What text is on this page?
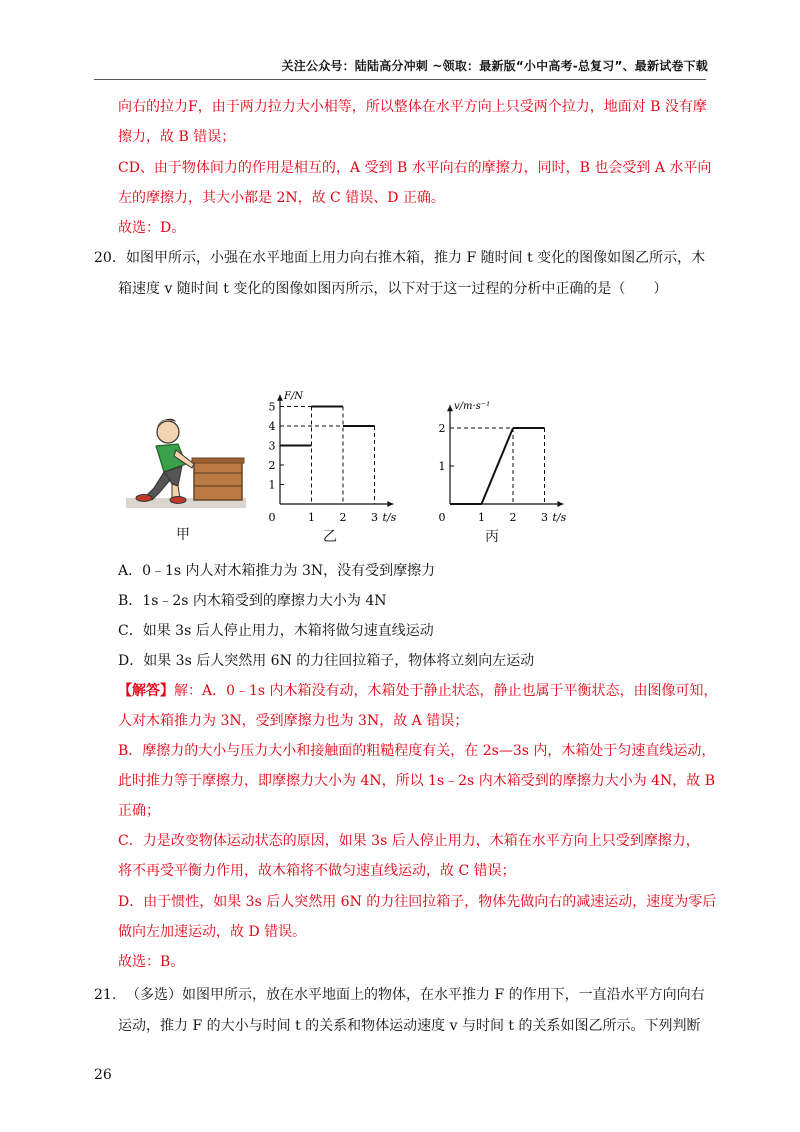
关注公众号：陆陆高分冲刺 ~领取：最新版“小中高考-总复习”、最新试卷下载
向右的拉力F，由于两力拉力大小相等，所以整体在水平方向上只受两个拉力，地面对 B 没有摩
擦力，故 B 错误；
CD、由于物体间力的作用是相互的，A 受到 B 水平向右的摩擦力，同时，B 也会受到 A 水平向
左的摩擦力，其大小都是 2N，故 C 错误、D 正确。
故选：D。
20. 如图甲所示，小强在水平地面上用力向右推木箱，推力 F 随时间 t 变化的图像如图乙所示，木
箱速度 v 随时间 t 变化的图像如图丙所示，以下对于这一过程的分析中正确的是（　　）
甲
0	1 2 3
1
2
3
4
5
t/s
F/N
0	1 2 3
1
2
t/s
v/m·s⁻¹
A．0﹣1s 内人对木箱推力为 3N，没有受到摩擦力
B．1s﹣2s 内木箱受到的摩擦力大小为 4N
C．如果 3s 后人停止用力，木箱将做匀速直线运动
D．如果 3s 后人突然用 6N 的力往回拉箱子，物体将立刻向左运动
【解答】解：A．0﹣1s 内木箱没有动，木箱处于静止状态，静止也属于平衡状态，由图像可知，
人对木箱推力为 3N，受到摩擦力也为 3N，故 A 错误；
B．摩擦力的大小与压力大小和接触面的粗糙程度有关，在 2s—3s 内，木箱处于匀速直线运动，
此时推力等于摩擦力，即摩擦力大小为 4N，所以 1s﹣2s 内木箱受到的摩擦力大小为 4N，故 B
正确；
C．力是改变物体运动状态的原因，如果 3s 后人停止用力，木箱在水平方向上只受到摩擦力，
将不再受平衡力作用，故木箱将不做匀速直线运动，故 C 错误；
D．由于惯性，如果 3s 后人突然用 6N 的力往回拉箱子，物体先做向右的减速运动，速度为零后
做向左加速运动，故 D 错误。
故选：B。
21. （多选）如图甲所示，放在水平地面上的物体，在水平推力 F 的作用下，一直沿水平方向向右
运动，推力 F 的大小与时间 t 的关系和物体运动速度 v 与时间 t 的关系如图乙所示。下列判断
26
乙	丙
